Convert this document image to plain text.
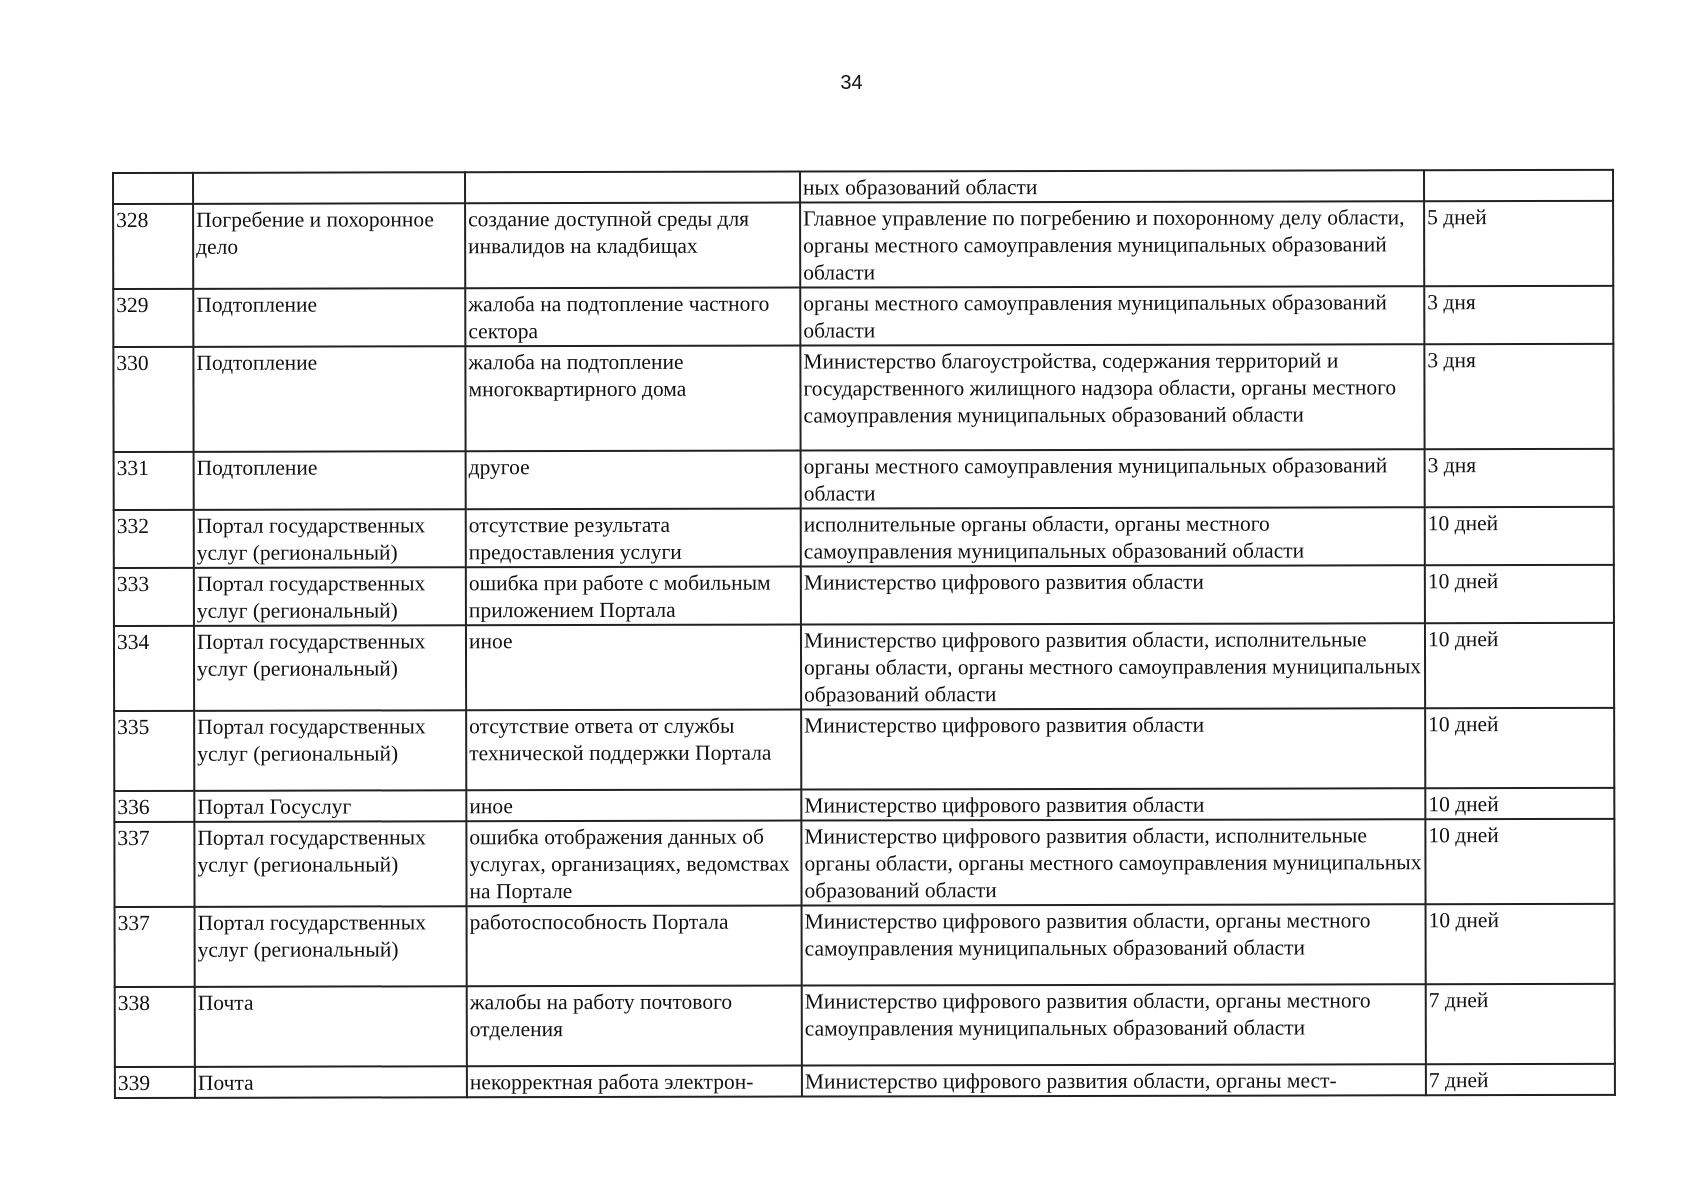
34
			ных образований области	
328	Погребение и похоронное дело	создание доступной среды для инвалидов на кладбищах	Главное управление по погребению и похоронному делу области, органы местного самоуправления муниципальных образований области	5 дней
329	Подтопление	жалоба на подтопление частного сектора	органы местного самоуправления муниципальных образований области	3 дня
330	Подтопление	жалоба на подтопление многоквартирного дома	Министерство благоустройства, содержания территорий и государственного жилищного надзора области, органы местного самоуправления муниципальных образований области	3 дня
331	Подтопление	другое	органы местного самоуправления муниципальных образований области	3 дня
332	Портал государственных услуг (региональный)	отсутствие результата предоставления услуги	исполнительные органы области, органы местного самоуправления муниципальных образований области	10 дней
333	Портал государственных услуг (региональный)	ошибка при работе с мобильным приложением Портала	Министерство цифрового развития области	10 дней
334	Портал государственных услуг (региональный)	иное	Министерство цифрового развития области, исполнительные органы области, органы местного самоуправления муниципальных образований области	10 дней
335	Портал государственных услуг (региональный)	отсутствие ответа от службы технической поддержки Портала	Министерство цифрового развития области	10 дней
336	Портал Госуслуг	иное	Министерство цифрового развития области	10 дней
337	Портал государственных услуг (региональный)	ошибка отображения данных об услугах, организациях, ведомствах на Портале	Министерство цифрового развития области, исполнительные органы области, органы местного самоуправления муниципальных образований области	10 дней
337	Портал государственных услуг (региональный)	работоспособность Портала	Министерство цифрового развития области, органы местного самоуправления муниципальных образований области	10 дней
338	Почта	жалобы на работу почтового отделения	Министерство цифрового развития области, органы местного самоуправления муниципальных образований области	7 дней
339	Почта	некорректная работа электрон-	Министерство цифрового развития области, органы мест-	7 дней
